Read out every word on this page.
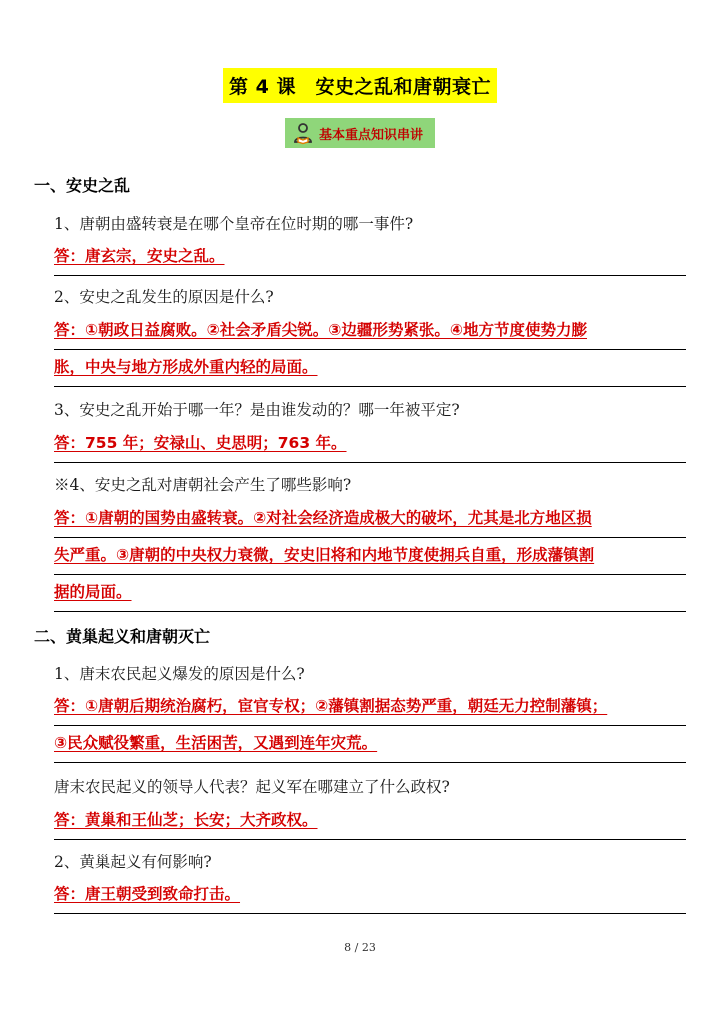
第 4 课　安史之乱和唐朝衰亡
基本重点知识串讲
一、安史之乱
1、唐朝由盛转衰是在哪个皇帝在位时期的哪一事件?
答：唐玄宗，安史之乱。
2、安史之乱发生的原因是什么?
答：①朝政日益腐败。②社会矛盾尖锐。③边疆形势紧张。④地方节度使势力膨
胀，中央与地方形成外重内轻的局面。
3、安史之乱开始于哪一年？是由谁发动的？哪一年被平定?
答：755 年；安禄山、史思明；763 年。
※4、安史之乱对唐朝社会产生了哪些影响?
答：①唐朝的国势由盛转衰。②对社会经济造成极大的破坏，尤其是北方地区损
失严重。③唐朝的中央权力衰微，安史旧将和内地节度使拥兵自重，形成藩镇割
据的局面。
二、黄巢起义和唐朝灭亡
1、唐末农民起义爆发的原因是什么?
答：①唐朝后期统治腐朽，宦官专权；②藩镇割据态势严重，朝廷无力控制藩镇；
③民众赋役繁重，生活困苦，又遇到连年灾荒。
唐末农民起义的领导人代表？起义军在哪建立了什么政权?
答：黄巢和王仙芝；长安；大齐政权。
2、黄巢起义有何影响?
答：唐王朝受到致命打击。
8 / 23
